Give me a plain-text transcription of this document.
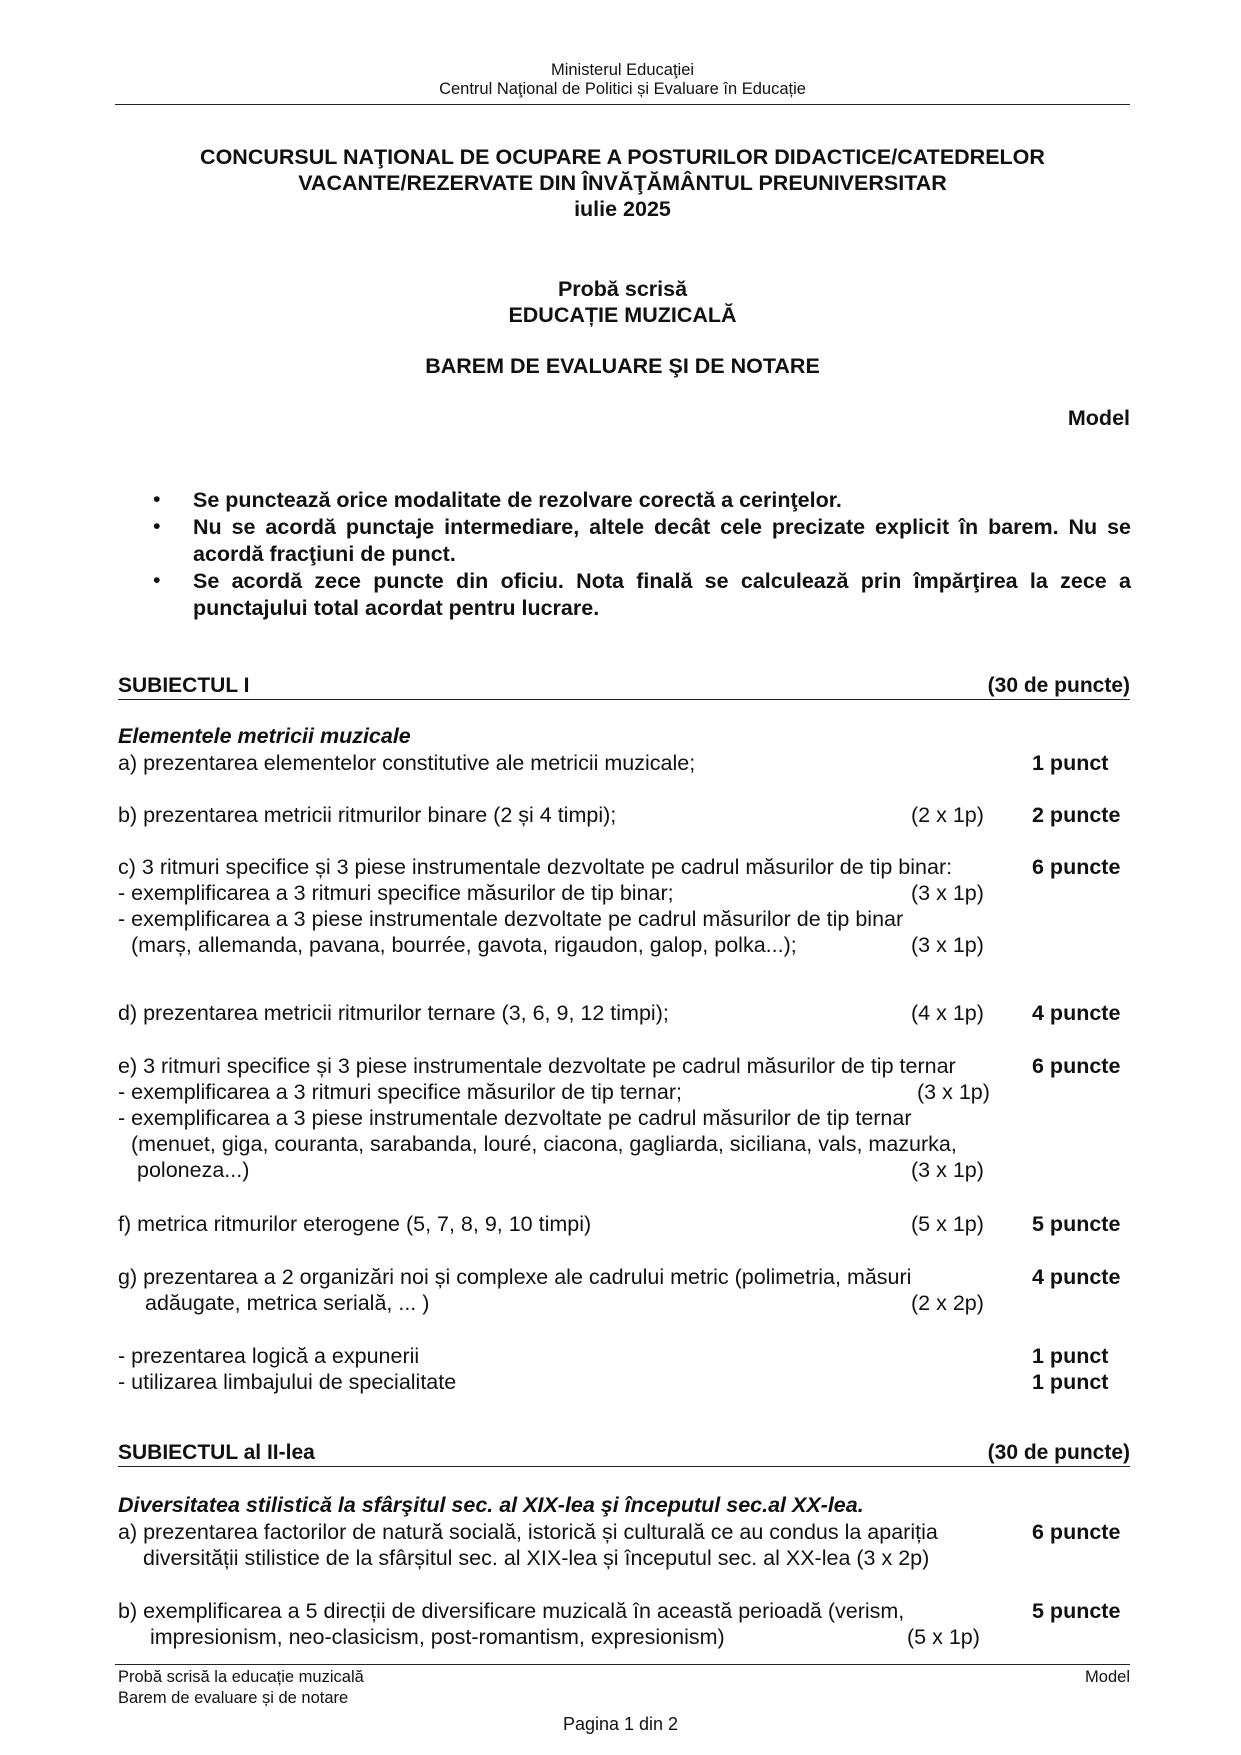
Ministerul Educaţiei
Centrul Naţional de Politici și Evaluare în Educație
CONCURSUL NAŢIONAL DE OCUPARE A POSTURILOR DIDACTICE/CATEDRELOR
VACANTE/REZERVATE DIN ÎNVĂŢĂMÂNTUL PREUNIVERSITAR
iulie 2025
Probă scrisă
EDUCAȚIE MUZICALĂ
BAREM DE EVALUARE ŞI DE NOTARE
Model
• Se punctează orice modalitate de rezolvare corectă a cerinţelor.
• Nu se acordă punctaje intermediare, altele decât cele precizate explicit în barem. Nu se acordă fracţiuni de punct.
• Se acordă zece puncte din oficiu. Nota finală se calculează prin împărţirea la zece a punctajului total acordat pentru lucrare.
SUBIECTUL I	(30 de puncte)
Elementele metricii muzicale
a) prezentarea elementelor constitutive ale metricii muzicale;	1 punct
b) prezentarea metricii ritmurilor binare (2 și 4 timpi);	(2 x 1p) 2 puncte
c) 3 ritmuri specifice și 3 piese instrumentale dezvoltate pe cadrul măsurilor de tip binar:	6 puncte
- exemplificarea a 3 ritmuri specifice măsurilor de tip binar;	(3 x 1p)
- exemplificarea a 3 piese instrumentale dezvoltate pe cadrul măsurilor de tip binar
(marș, allemanda, pavana, bourrée, gavota, rigaudon, galop, polka...);	(3 x 1p)
d) prezentarea metricii ritmurilor ternare (3, 6, 9, 12 timpi);	(4 x 1p) 4 puncte
e) 3 ritmuri specifice și 3 piese instrumentale dezvoltate pe cadrul măsurilor de tip ternar	6 puncte
- exemplificarea a 3 ritmuri specifice măsurilor de tip ternar;	(3 x 1p)
- exemplificarea a 3 piese instrumentale dezvoltate pe cadrul măsurilor de tip ternar
(menuet, giga, couranta, sarabanda, louré, ciacona, gagliarda, siciliana, vals, mazurka,
poloneza...)	(3 x 1p)
f) metrica ritmurilor eterogene (5, 7, 8, 9, 10 timpi)	(5 x 1p) 5 puncte
g) prezentarea a 2 organizări noi și complexe ale cadrului metric (polimetria, măsuri	4 puncte
adăugate, metrica serială, ... )	(2 x 2p)
- prezentarea logică a expunerii	1 punct
- utilizarea limbajului de specialitate	1 punct
SUBIECTUL al II-lea	(30 de puncte)
Diversitatea stilistică la sfârşitul sec. al XIX-lea şi începutul sec.al XX-lea.
a) prezentarea factorilor de natură socială, istorică și culturală ce au condus la apariția	6 puncte
diversității stilistice de la sfârșitul sec. al XIX-lea și începutul sec. al XX-lea (3 x 2p)
b) exemplificarea a 5 direcții de diversificare muzicală în această perioadă (verism,	5 puncte
impresionism, neo-clasicism, post-romantism, expresionism)	(5 x 1p)
Probă scrisă la educație muzicală
Barem de evaluare și de notare
Model
Pagina 1 din 2
